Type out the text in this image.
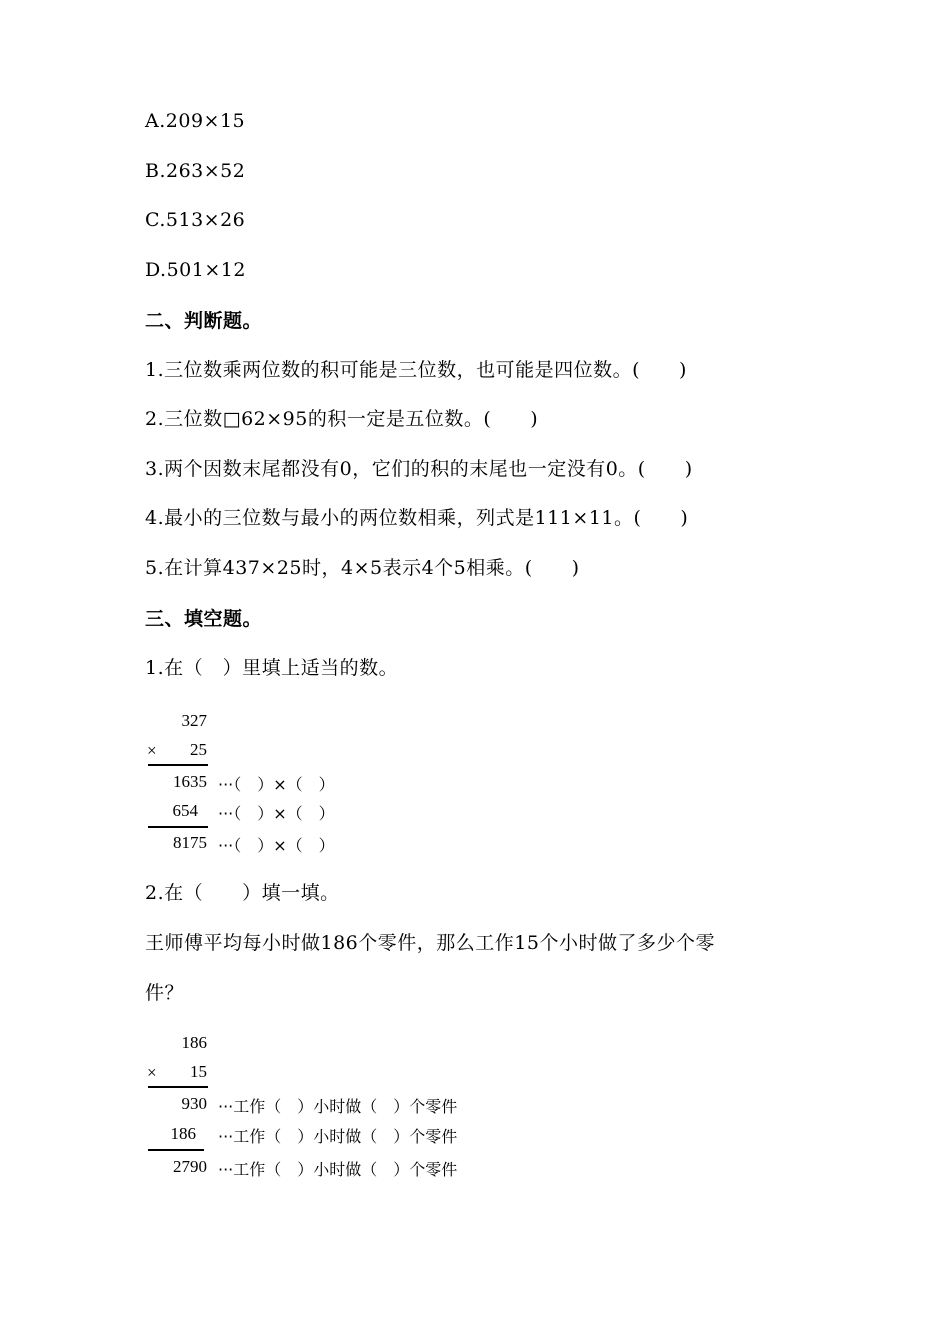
A.209×15
B.263×52
C.513×26
D.501×12
二、判断题。
1.三位数乘两位数的积可能是三位数，也可能是四位数。(　　)
2.三位数□62×95的积一定是五位数。(　　)
3.两个因数末尾都没有0，它们的积的末尾也一定没有0。(　　)
4.最小的三位数与最小的两位数相乘，列式是111×11。(　　)
5.在计算437×25时，4×5表示4个5相乘。(　　)
三、填空题。
1.在（　）里填上适当的数。
327
×	25
1635 ···（　）×（　）
654 ···（　）×（　）
8175 ···（　）×（　）
2.在（　　）填一填。
王师傅平均每小时做186个零件，那么工作15个小时做了多少个零
件？
186
×	15
930 ···工作（　）小时做（　）个零件
186 ···工作（　）小时做（　）个零件
2790 ···工作（　）小时做（　）个零件
